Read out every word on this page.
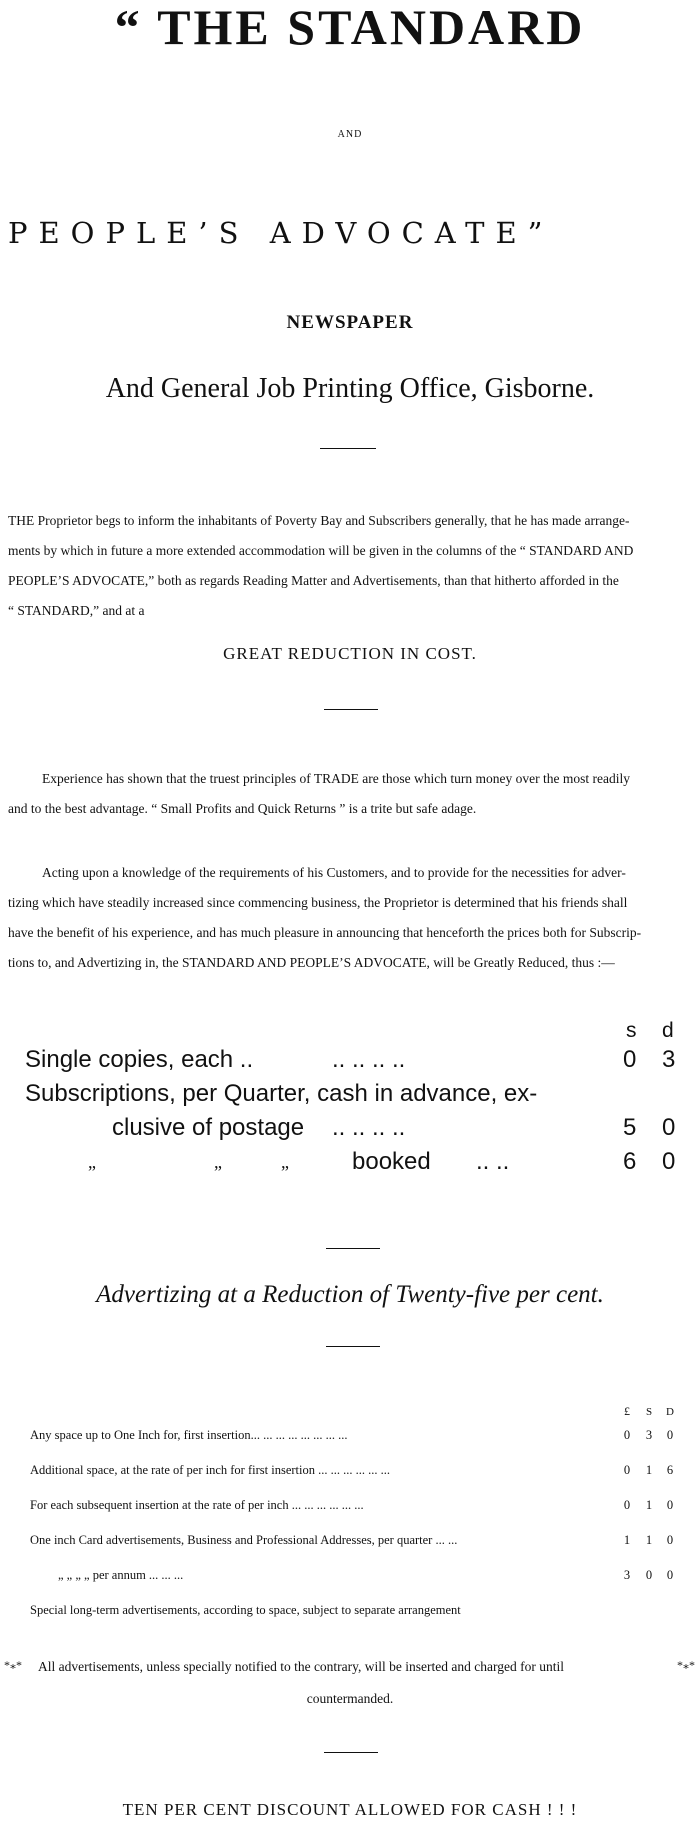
“ THE STANDARD
AND
PEOPLE’S ADVOCATE”
NEWSPAPER
And General Job Printing Office, Gisborne.
THE Proprietor begs to inform the inhabitants of Poverty Bay and Subscribers generally, that he has made arrange-
ments by which in future a more extended accommodation will be given in the columns of the “ STANDARD AND
PEOPLE’S ADVOCATE,” both as regards Reading Matter and Advertisements, than that hitherto afforded in the
“ STANDARD,” and at a
GREAT REDUCTION IN COST.
Experience has shown that the truest principles of TRADE are those which turn money over the most readily
and to the best advantage. “ Small Profits and Quick Returns ” is a trite but safe adage.
Acting upon a knowledge of the requirements of his Customers, and to provide for the necessities for adver-
tizing which have steadily increased since commencing business, the Proprietor is determined that his friends shall
have the benefit of his experience, and has much pleasure in announcing that henceforth the prices both for Subscrip-
tions to, and Advertizing in, the STANDARD AND PEOPLE’S ADVOCATE, will be Greatly Reduced, thus :—
s d
Single copies, each ..	.. .. .. ..	0 3
Subscriptions, per Quarter, cash in advance, ex-
clusive of postage .. .. .. ..	5 0
„	„	„	booked .. ..	6 0
Advertizing at a Reduction of Twenty-five per cent.
£ S D
Any space up to One Inch for, first insertion... ... ... ... ... ... ... ...	0	3	0
Additional space, at the rate of per inch for first insertion ... ... ... ... ... ...	0	1	6
For each subsequent insertion at the rate of per inch ... ... ... ... ... ...	0	1	0
One inch Card advertisements, Business and Professional Addresses, per quarter ... ...	1	1	0
„ „ „ „ per annum ... ... ...	3	0	0
Special long-term advertisements, according to space, subject to separate arrangement
*⁎* All advertisements, unless specially notified to the contrary, will be inserted and charged for until	*⁎*
countermanded.
TEN PER CENT DISCOUNT ALLOWED FOR CASH ! ! !
